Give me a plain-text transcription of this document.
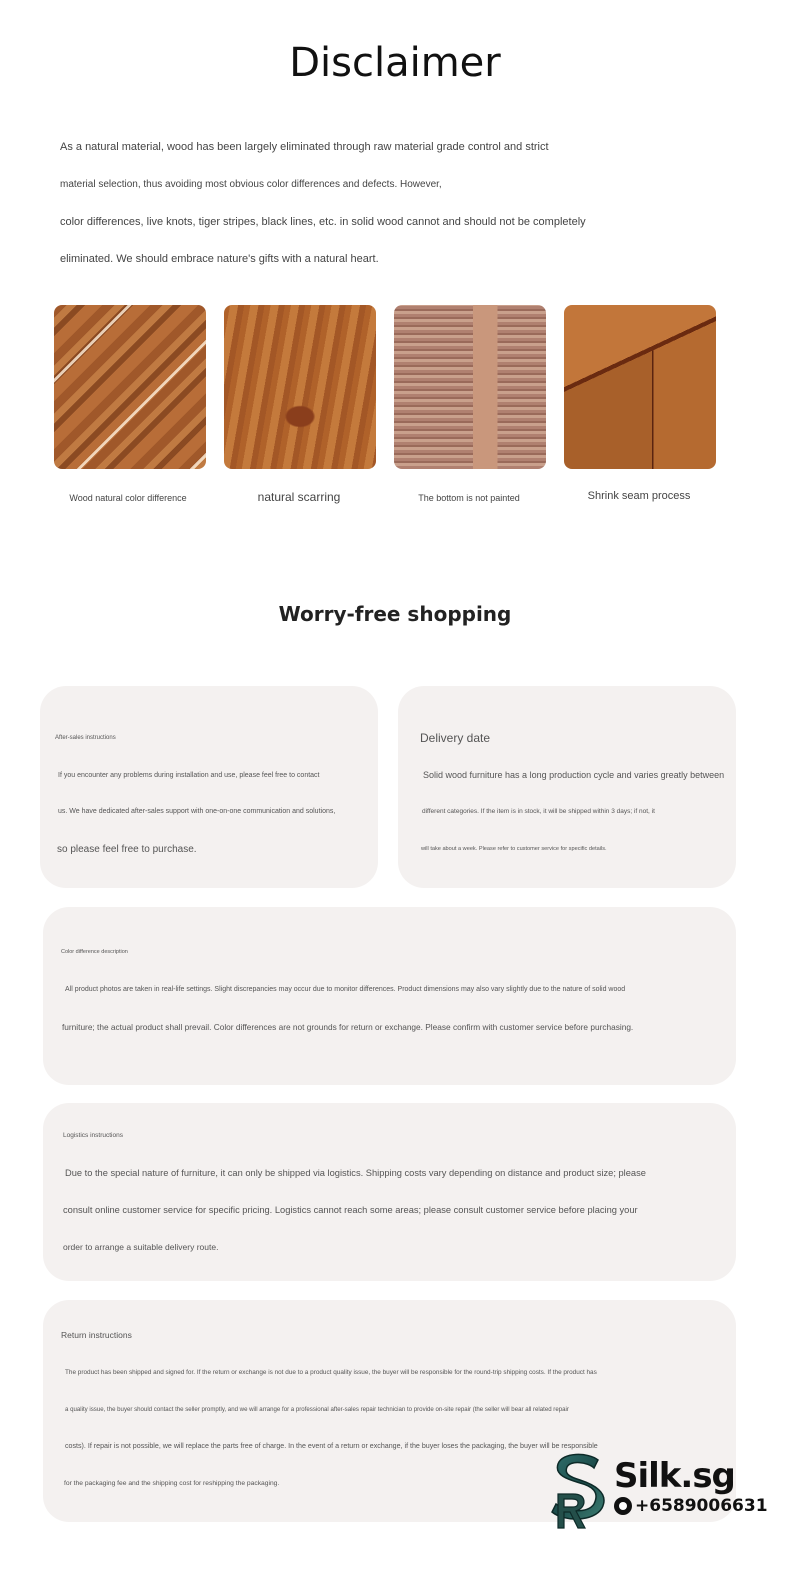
Disclaimer

As a natural material, wood has been largely eliminated through raw material grade control and strict

material selection, thus avoiding most obvious color differences and defects. However,

color differences, live knots, tiger stripes, black lines, etc. in solid wood cannot and should not be completely

eliminated. We should embrace nature's gifts with a natural heart.

Wood natural color difference	natural scarring	The bottom is not painted	Shrink seam process
Worry-free shopping
After-sales instructions
If you encounter any problems during installation and use, please feel free to contact
us. We have dedicated after-sales support with one-on-one communication and solutions,
so please feel free to purchase.
Delivery date
Solid wood furniture has a long production cycle and varies greatly between
different categories. If the item is in stock, it will be shipped within 3 days; if not, it
will take about a week. Please refer to customer service for specific details.
Color difference description
All product photos are taken in real-life settings. Slight discrepancies may occur due to monitor differences. Product dimensions may also vary slightly due to the nature of solid wood
furniture; the actual product shall prevail. Color differences are not grounds for return or exchange. Please confirm with customer service before purchasing.
Logistics instructions
Due to the special nature of furniture, it can only be shipped via logistics. Shipping costs vary depending on distance and product size; please
consult online customer service for specific pricing. Logistics cannot reach some areas; please consult customer service before placing your
order to arrange a suitable delivery route.
Return instructions
The product has been shipped and signed for. If the return or exchange is not due to a product quality issue, the buyer will be responsible for the round-trip shipping costs. If the product has
a quality issue, the buyer should contact the seller promptly, and we will arrange for a professional after-sales repair technician to provide on-site repair (the seller will bear all related repair
costs). If repair is not possible, we will replace the parts free of charge. In the event of a return or exchange, if the buyer loses the packaging, the buyer will be responsible
for the packaging fee and the shipping cost for reshipping the packaging.	Silk.sg
+6589006631
